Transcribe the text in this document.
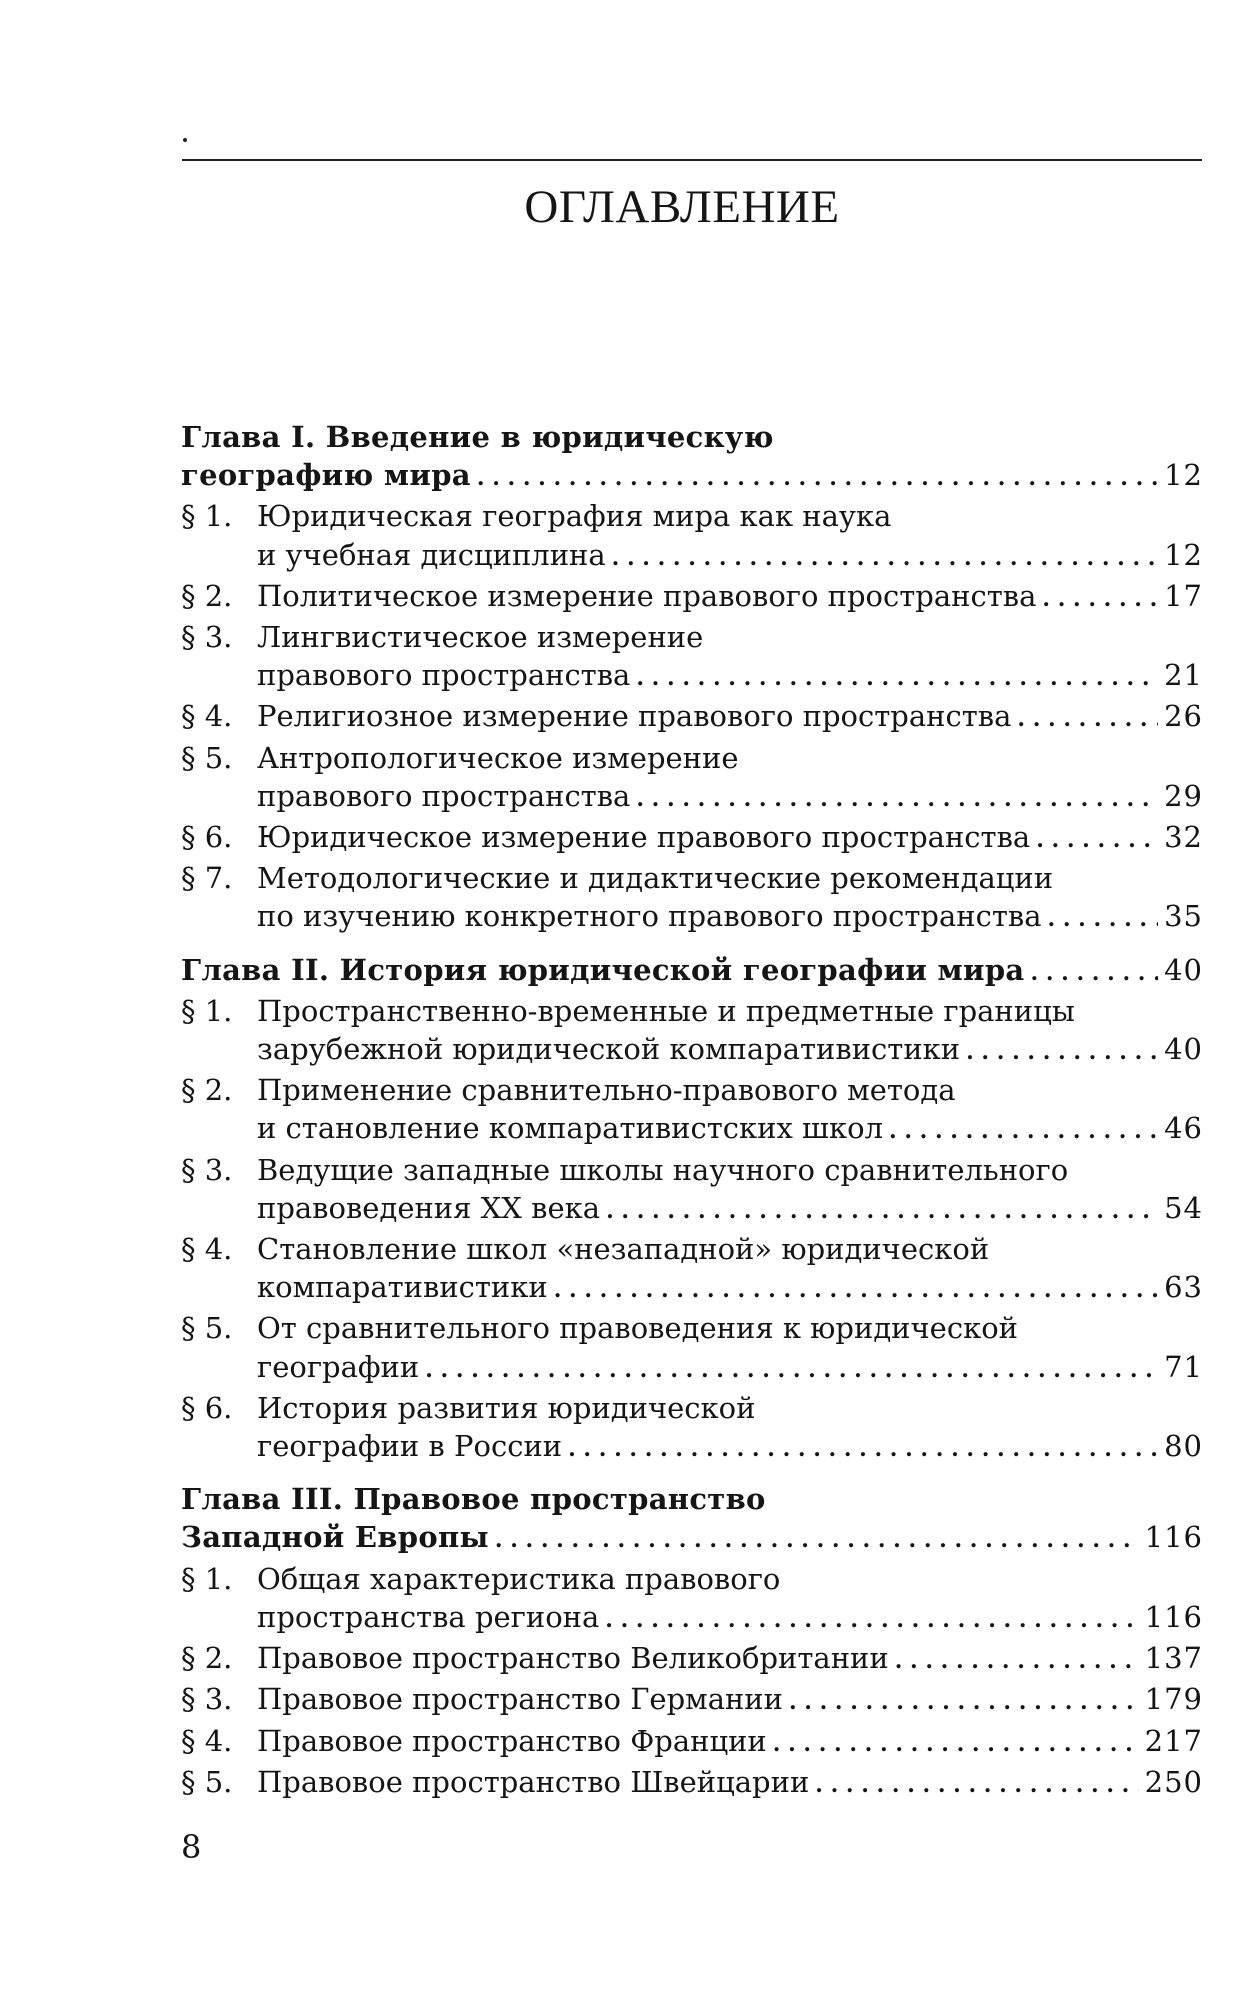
ОГЛАВЛЕНИЕ
Глава I. Введение в юридическую
географию мира . . .	12
§ 1. Юридическая география мира как наука
и учебная дисциплина . . .	12
§ 2. Политическое измерение правового пространства . . .	17
§ 3. Лингвистическое измерение
правового пространства . . .	21
§ 4. Религиозное измерение правового пространства . . .	26
§ 5. Антропологическое измерение
правового пространства . . .	29
§ 6. Юридическое измерение правового пространства . . .	32
§ 7. Методологические и дидактические рекомендации
по изучению конкретного правового пространства . . .	35
Глава II. История юридической географии мира . . .	40
§ 1. Пространственно-временные и предметные границы
зарубежной юридической компаративистики . . .	40
§ 2. Применение сравнительно-правового метода
и становление компаративистских школ . . .	46
§ 3. Ведущие западные школы научного сравнительного
правоведения XX века . . .	54
§ 4. Становление школ «незападной» юридической
компаративистики . . .	63
§ 5. От сравнительного правоведения к юридической
географии . . .	71
§ 6. История развития юридической
географии в России . . .	80
Глава III. Правовое пространство
Западной Европы . . .	116
§ 1. Общая характеристика правового
пространства региона . . .	116
§ 2. Правовое пространство Великобритании . . .	137
§ 3. Правовое пространство Германии . . .	179
§ 4. Правовое пространство Франции . . .	217
§ 5. Правовое пространство Швейцарии . . .	250
8
